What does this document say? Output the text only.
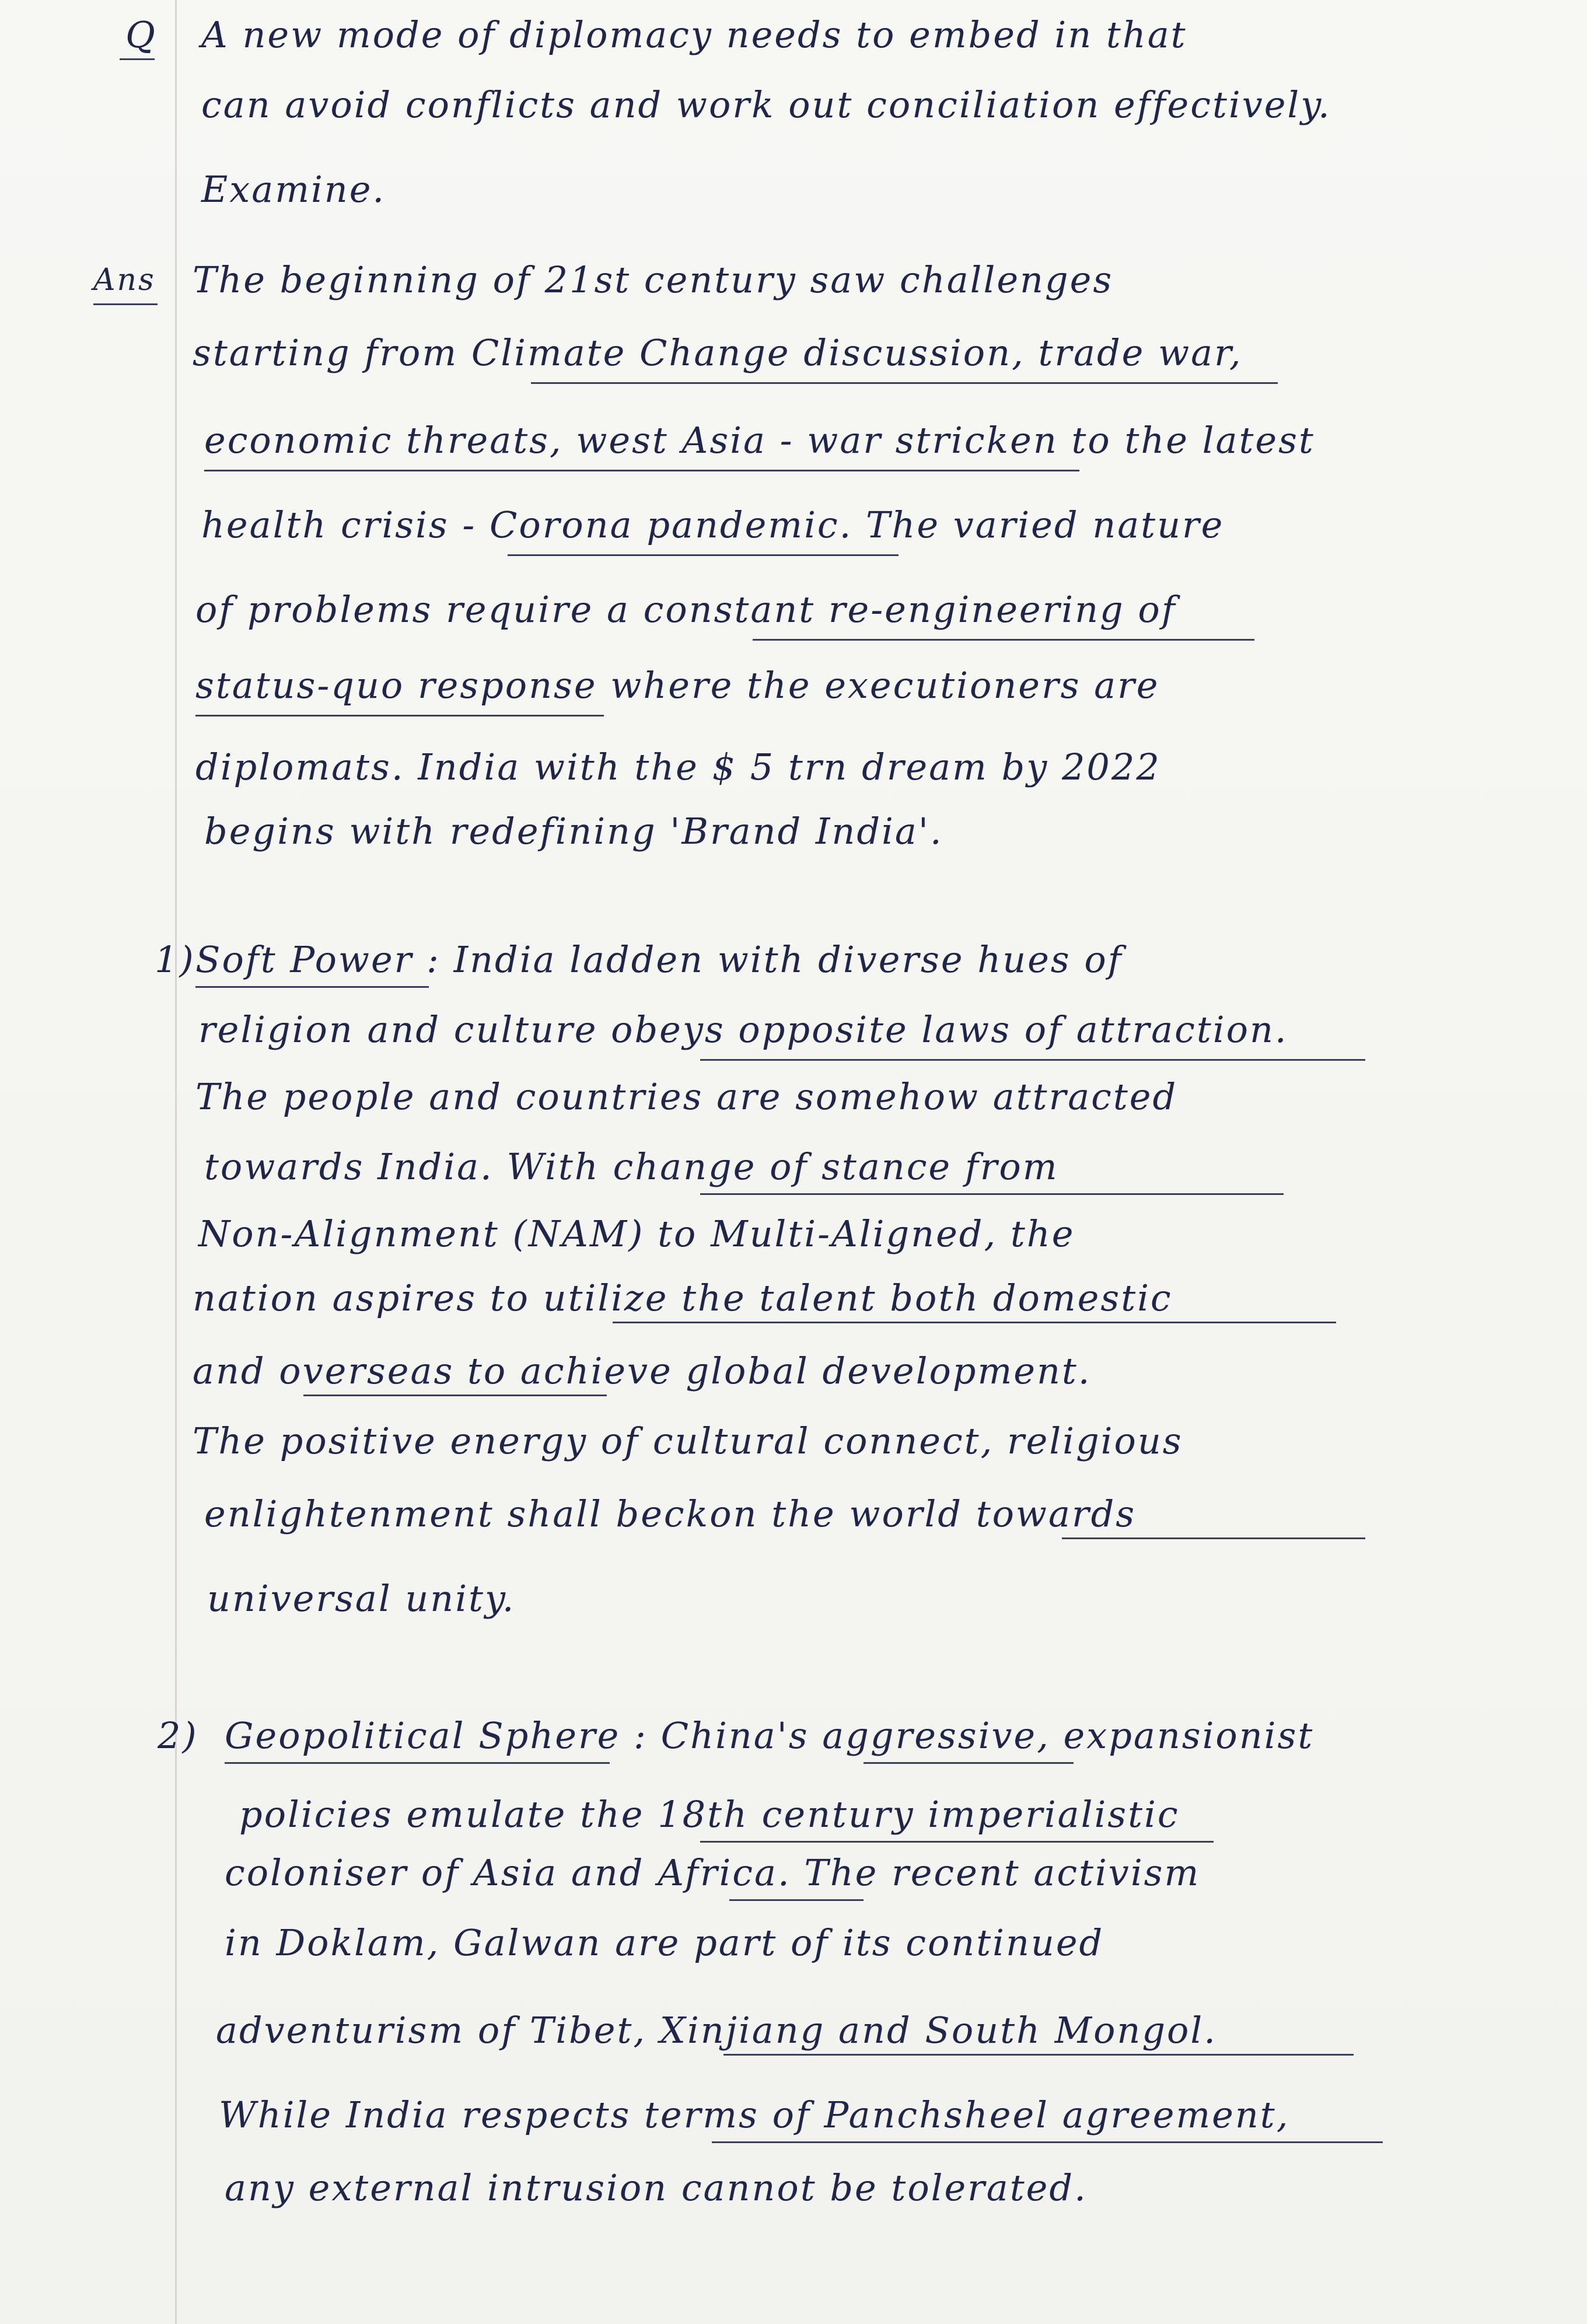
Q A new mode of diplomacy needs to embed in that
can avoid conflicts and work out conciliation effectively.
Examine.
Ans The beginning of 21st century saw challenges
starting from Climate Change discussion, trade war,
economic threats, west Asia - war stricken to the latest
health crisis - Corona pandemic. The varied nature
of problems require a constant re-engineering of
status-quo response where the executioners are
diplomats. India with the $ 5 trn dream by 2022
begins with redefining 'Brand India'.
1) Soft Power : India ladden with diverse hues of
religion and culture obeys opposite laws of attraction.
The people and countries are somehow attracted
towards India. With change of stance from
Non-Alignment (NAM) to Multi-Aligned, the
nation aspires to utilize the talent both domestic
and overseas to achieve global development.
The positive energy of cultural connect, religious
enlightenment shall beckon the world towards
universal unity.
2) Geopolitical Sphere : China's aggressive, expansionist
policies emulate the 18th century imperialistic
coloniser of Asia and Africa. The recent activism
in Doklam, Galwan are part of its continued
adventurism of Tibet, Xinjiang and South Mongol.
While India respects terms of Panchsheel agreement,
any external intrusion cannot be tolerated.
